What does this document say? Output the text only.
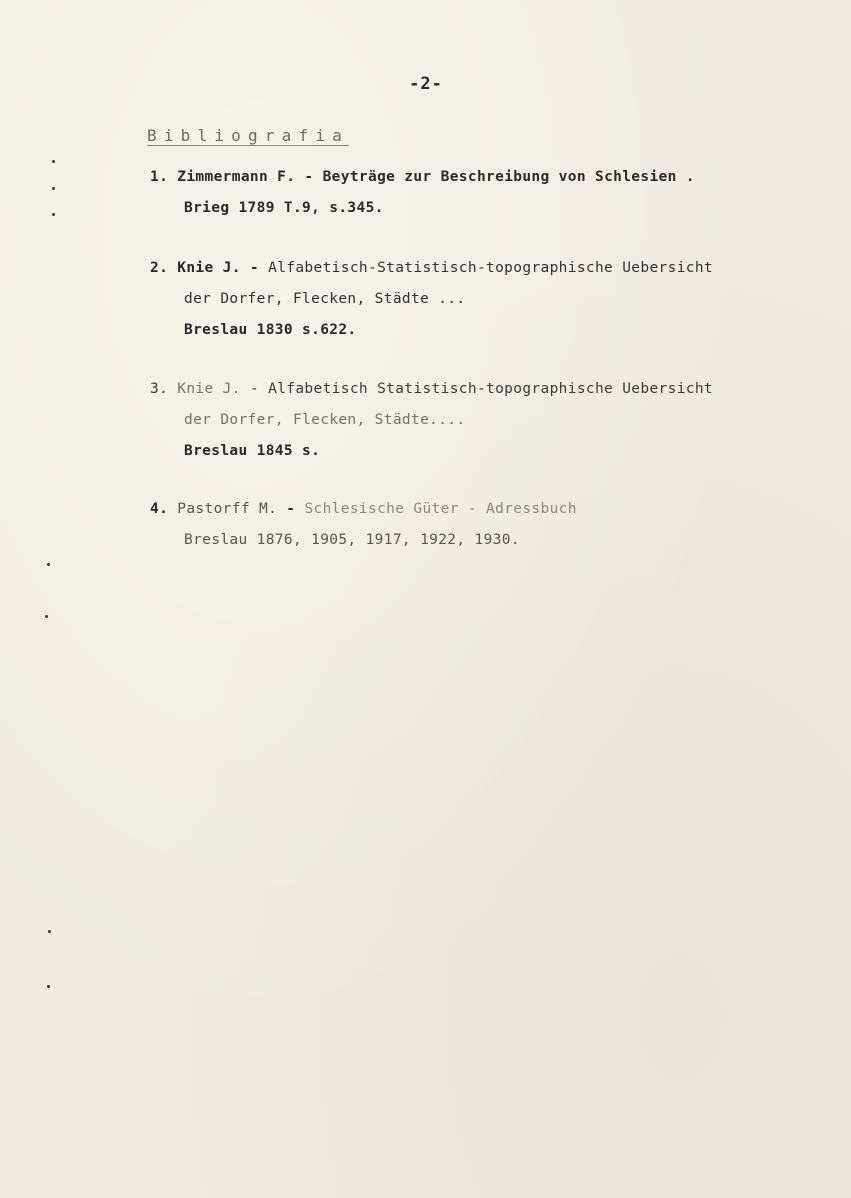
-2-
Bibliografia
1. Zimmermann F. - Beyträge zur Beschreibung von Schlesien .
Brieg 1789 T.9, s.345.
2. Knie J. - Alfabetisch-Statistisch-topographische Uebersicht
der Dorfer, Flecken, Städte ...
Breslau 1830 s.622.
3. Knie J. - Alfabetisch Statistisch-topographische Uebersicht
der Dorfer, Flecken, Städte....
Breslau 1845 s.
4. Pastorff M. - Schlesische Güter - Adressbuch
Breslau 1876, 1905, 1917, 1922, 1930.
